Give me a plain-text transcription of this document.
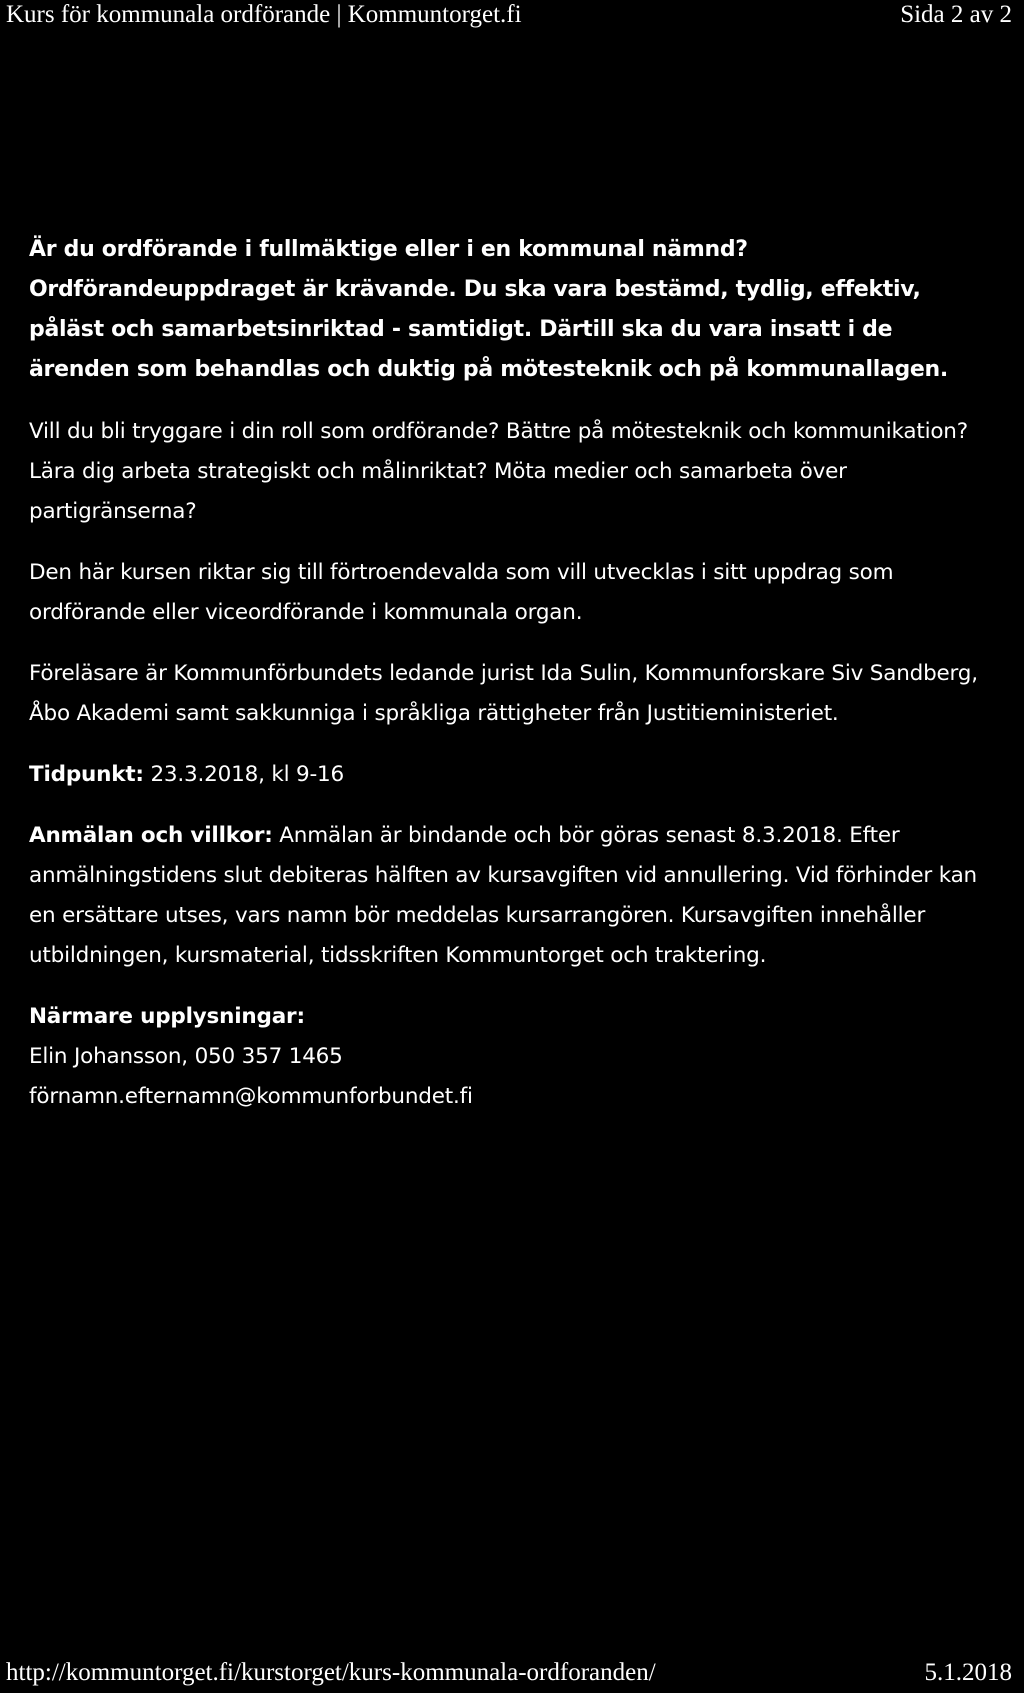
Kurs för kommunala ordförande | Kommuntorget.fi	Sida 2 av 2

Är du ordförande i fullmäktige eller i en kommunal nämnd? Ordförandeuppdraget är krävande. Du ska vara bestämd, tydlig, effektiv, påläst och samarbetsinriktad - samtidigt. Därtill ska du vara insatt i de ärenden som behandlas och duktig på mötesteknik och på kommunallagen.

Vill du bli tryggare i din roll som ordförande? Bättre på mötesteknik och kommunikation? Lära dig arbeta strategiskt och målinriktat? Möta medier och samarbeta över partigränserna?

Den här kursen riktar sig till förtroendevalda som vill utvecklas i sitt uppdrag som ordförande eller viceordförande i kommunala organ.

Föreläsare är Kommunförbundets ledande jurist Ida Sulin, Kommunforskare Siv Sandberg, Åbo Akademi samt sakkunniga i språkliga rättigheter från Justitieministeriet.

Tidpunkt: 23.3.2018, kl 9-16

Anmälan och villkor: Anmälan är bindande och bör göras senast 8.3.2018. Efter anmälningstidens slut debiteras hälften av kursavgiften vid annullering. Vid förhinder kan en ersättare utses, vars namn bör meddelas kursarrangören. Kursavgiften innehåller utbildningen, kursmaterial, tidsskriften Kommuntorget och traktering.

Närmare upplysningar:
Elin Johansson, 050 357 1465
förnamn.efternamn@kommunforbundet.fi

http://kommuntorget.fi/kurstorget/kurs-kommunala-ordforanden/	5.1.2018
